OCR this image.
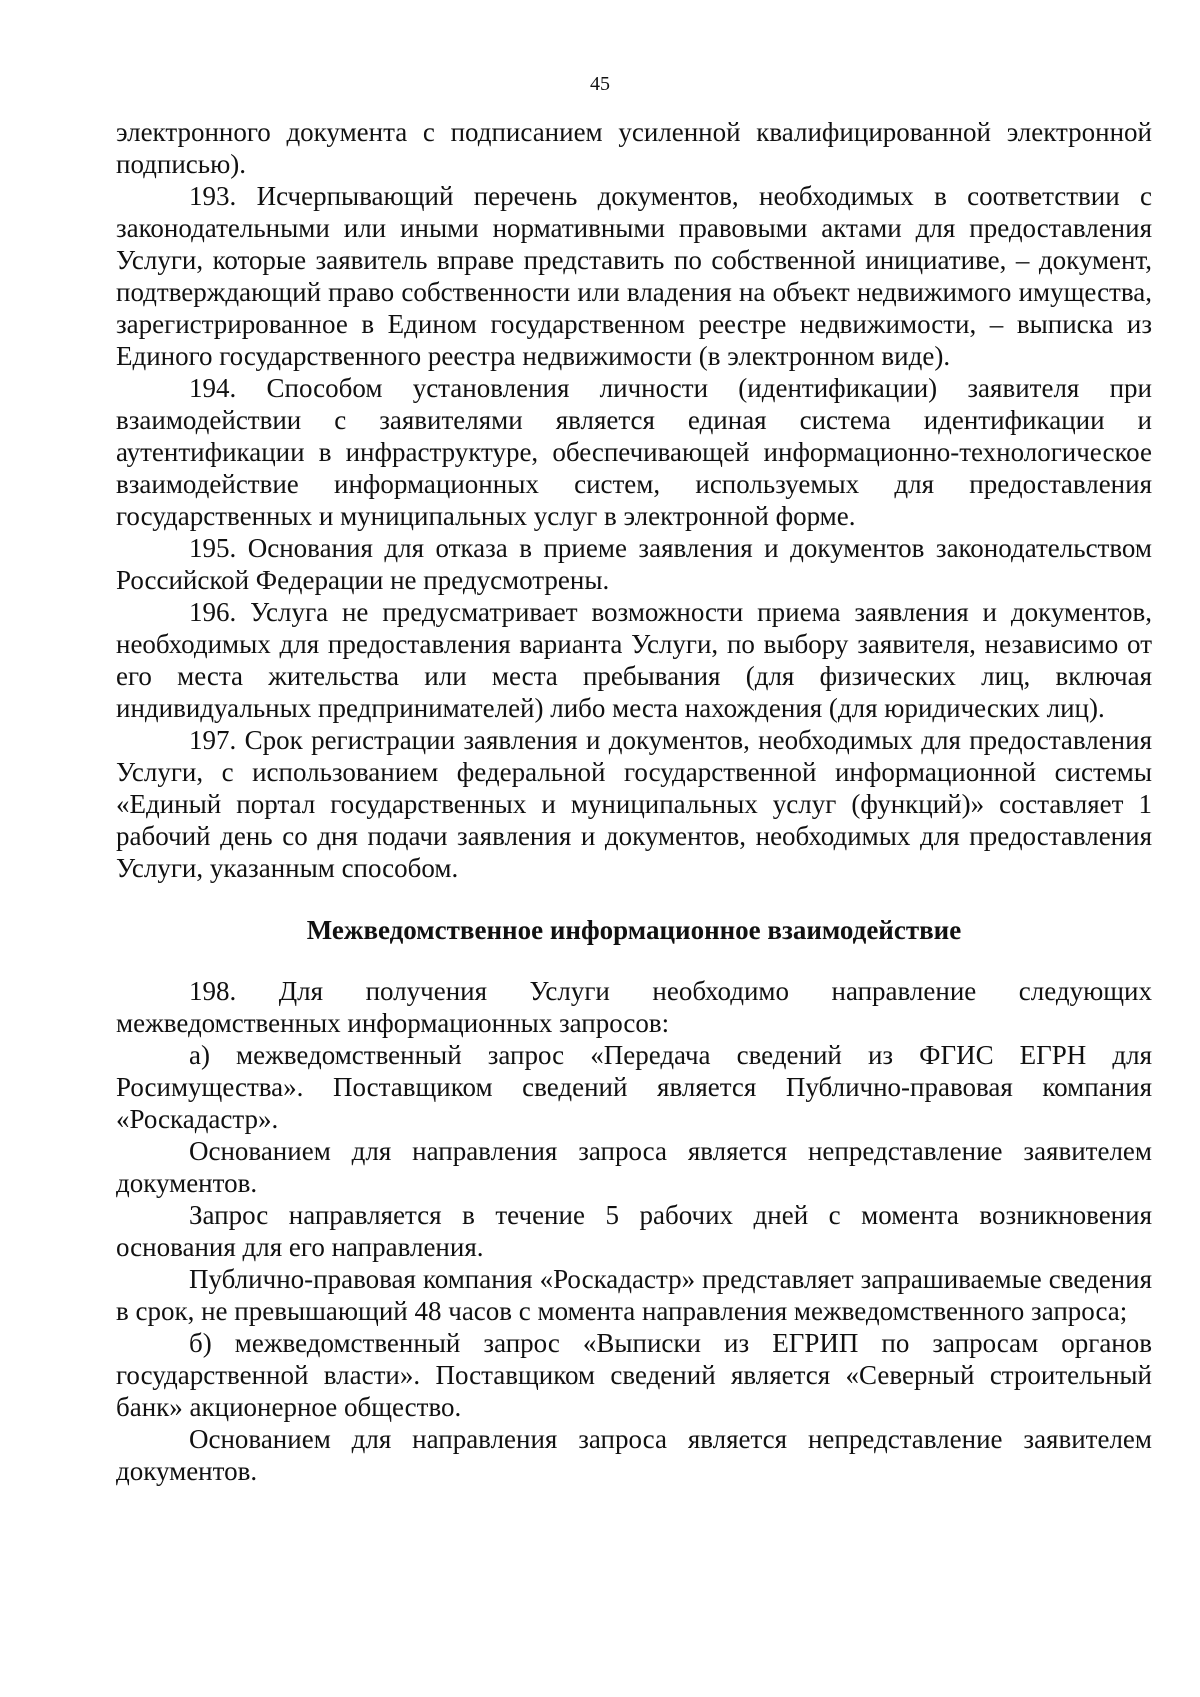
45

электронного документа с подписанием усиленной квалифицированной электронной подписью).

193. Исчерпывающий перечень документов, необходимых в соответствии с законодательными или иными нормативными правовыми актами для предоставления Услуги, которые заявитель вправе представить по собственной инициативе, – документ, подтверждающий право собственности или владения на объект недвижимого имущества, зарегистрированное в Едином государственном реестре недвижимости, – выписка из Единого государственного реестра недвижимости (в электронном виде).

194. Способом установления личности (идентификации) заявителя при взаимодействии с заявителями является единая система идентификации и аутентификации в инфраструктуре, обеспечивающей информационно-технологическое взаимодействие информационных систем, используемых для предоставления государственных и муниципальных услуг в электронной форме.

195. Основания для отказа в приеме заявления и документов законодательством Российской Федерации не предусмотрены.

196. Услуга не предусматривает возможности приема заявления и документов, необходимых для предоставления варианта Услуги, по выбору заявителя, независимо от его места жительства или места пребывания (для физических лиц, включая индивидуальных предпринимателей) либо места нахождения (для юридических лиц).

197. Срок регистрации заявления и документов, необходимых для предоставления Услуги, с использованием федеральной государственной информационной системы «Единый портал государственных и муниципальных услуг (функций)» составляет 1 рабочий день со дня подачи заявления и документов, необходимых для предоставления Услуги, указанным способом.

Межведомственное информационное взаимодействие

198. Для получения Услуги необходимо направление следующих межведомственных информационных запросов:

а) межведомственный запрос «Передача сведений из ФГИС ЕГРН для Росимущества». Поставщиком сведений является Публично-правовая компания «Роскадастр».

Основанием для направления запроса является непредставление заявителем документов.

Запрос направляется в течение 5 рабочих дней с момента возникновения основания для его направления.

Публично-правовая компания «Роскадастр» представляет запрашиваемые сведения в срок, не превышающий 48 часов с момента направления межведомственного запроса;

б) межведомственный запрос «Выписки из ЕГРИП по запросам органов государственной власти». Поставщиком сведений является «Северный строительный банк» акционерное общество.

Основанием для направления запроса является непредставление заявителем документов.
